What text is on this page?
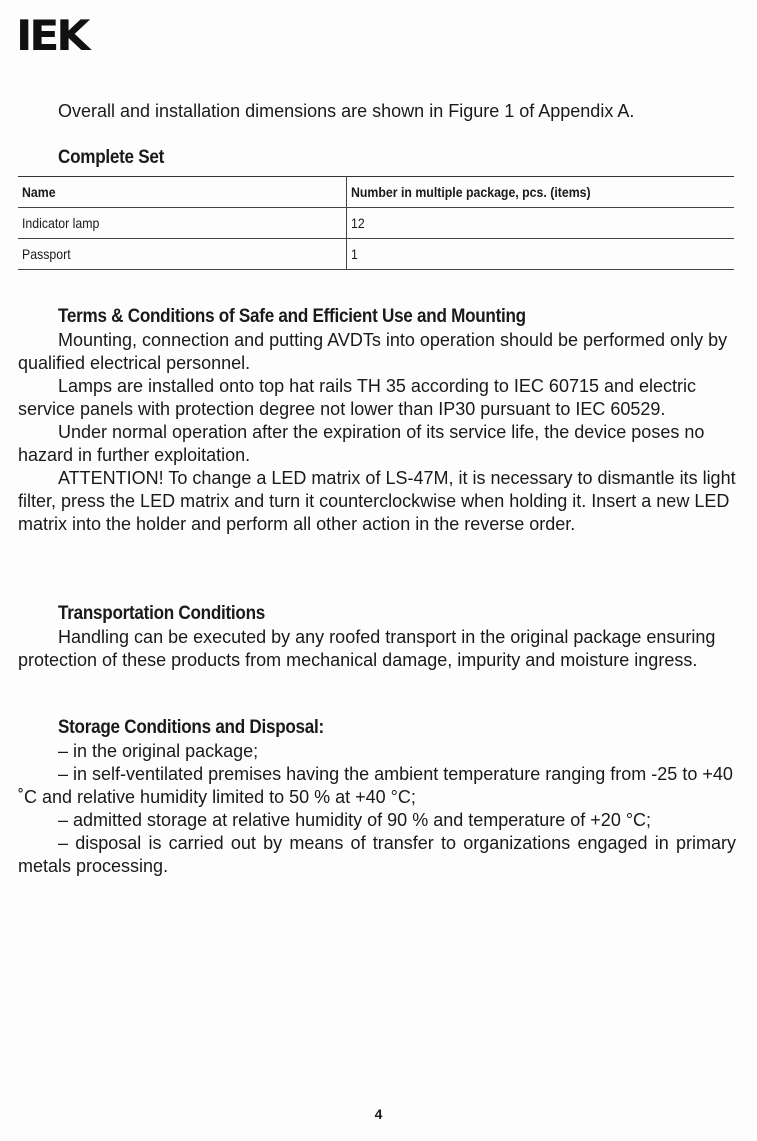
IEK

Overall and installation dimensions are shown in Figure 1 of Appendix A.

Complete Set
Name	Number in multiple package, pcs. (items)
Indicator lamp	12
Passport	1
Terms & Conditions of Safe and Efficient Use and Mounting

Mounting, connection and putting AVDTs into operation should be performed only by qualified electrical personnel.

Lamps are installed onto top hat rails TH 35 according to IEC 60715 and electric service panels with protection degree not lower than IP30 pursuant to IEC 60529.

Under normal operation after the expiration of its service life, the device poses no hazard in further exploitation.

ATTENTION! To change a LED matrix of LS-47M, it is necessary to dismantle its light filter, press the LED matrix and turn it counterclockwise when holding it. Insert a new LED matrix into the holder and perform all other action in the reverse order.

Transportation Conditions

Handling can be executed by any roofed transport in the original package ensuring protection of these products from mechanical damage, impurity and moisture ingress.

Storage Conditions and Disposal:

– in the original package;

– in self-ventilated premises having the ambient temperature ranging from -25 to +40 ˚С and relative humidity limited to 50 % at +40 °C;

– admitted storage at relative humidity of 90 % and temperature of +20 °C;

– disposal is carried out by means of transfer to organizations engaged in primary metals processing.

4
